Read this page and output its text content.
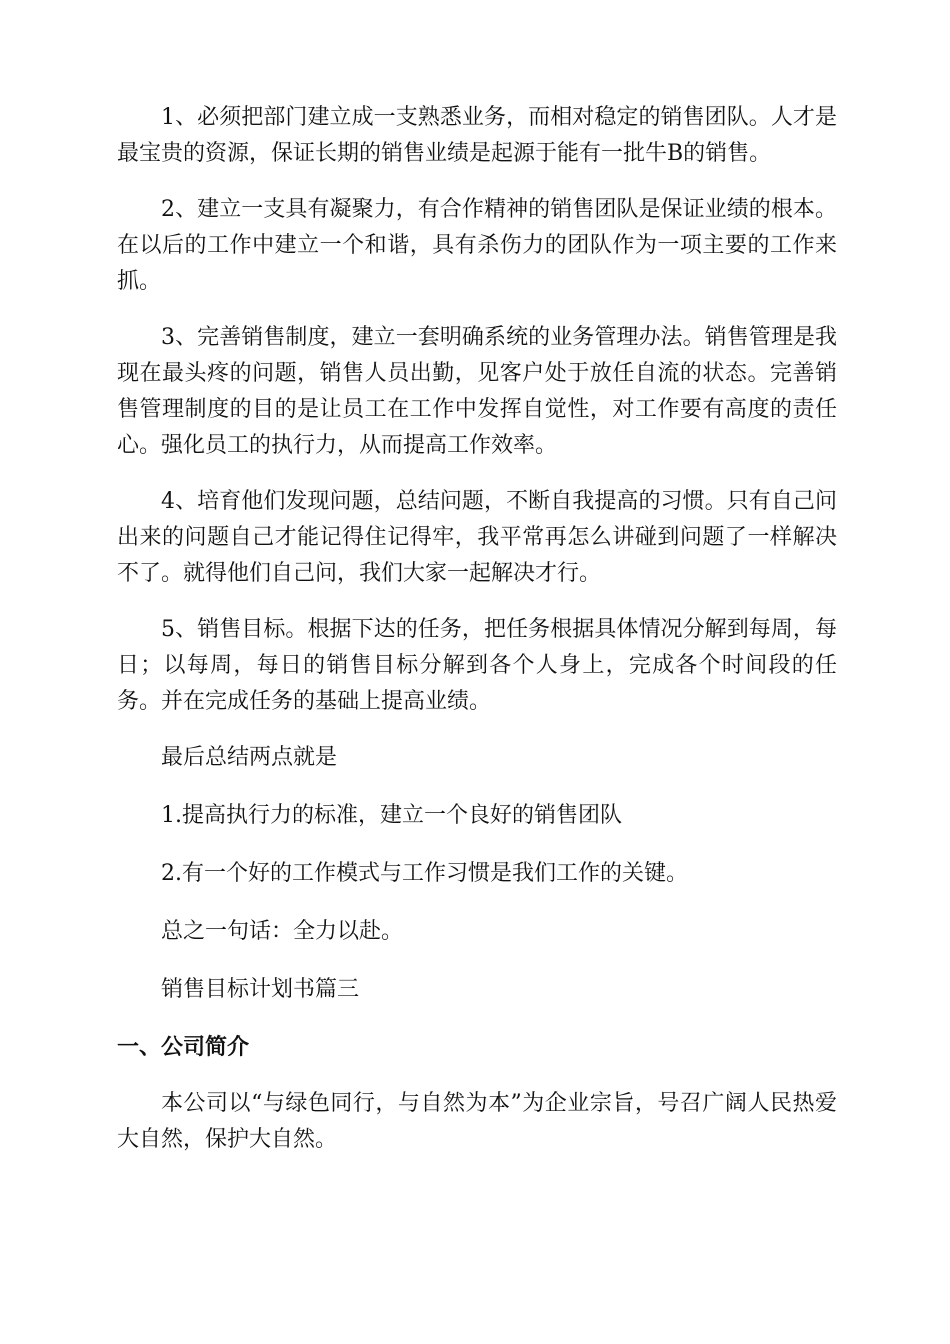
1、必须把部门建立成一支熟悉业务，而相对稳定的销售团队。人才是最宝贵的资源，保证长期的销售业绩是起源于能有一批牛B的销售。

2、建立一支具有凝聚力，有合作精神的销售团队是保证业绩的根本。在以后的工作中建立一个和谐，具有杀伤力的团队作为一项主要的工作来抓。

3、完善销售制度，建立一套明确系统的业务管理办法。销售管理是我现在最头疼的问题，销售人员出勤，见客户处于放任自流的状态。完善销售管理制度的目的是让员工在工作中发挥自觉性，对工作要有高度的责任心。强化员工的执行力，从而提高工作效率。

4、培育他们发现问题，总结问题，不断自我提高的习惯。只有自己问出来的问题自己才能记得住记得牢，我平常再怎么讲碰到问题了一样解决不了。就得他们自己问，我们大家一起解决才行。

5、销售目标。根据下达的任务，把任务根据具体情况分解到每周，每日；以每周，每日的销售目标分解到各个人身上，完成各个时间段的任务。并在完成任务的基础上提高业绩。

最后总结两点就是

1.提高执行力的标准，建立一个良好的销售团队

2.有一个好的工作模式与工作习惯是我们工作的关键。

总之一句话：全力以赴。

销售目标计划书篇三

一、公司简介

本公司以“与绿色同行，与自然为本”为企业宗旨，号召广阔人民热爱大自然，保护大自然。
